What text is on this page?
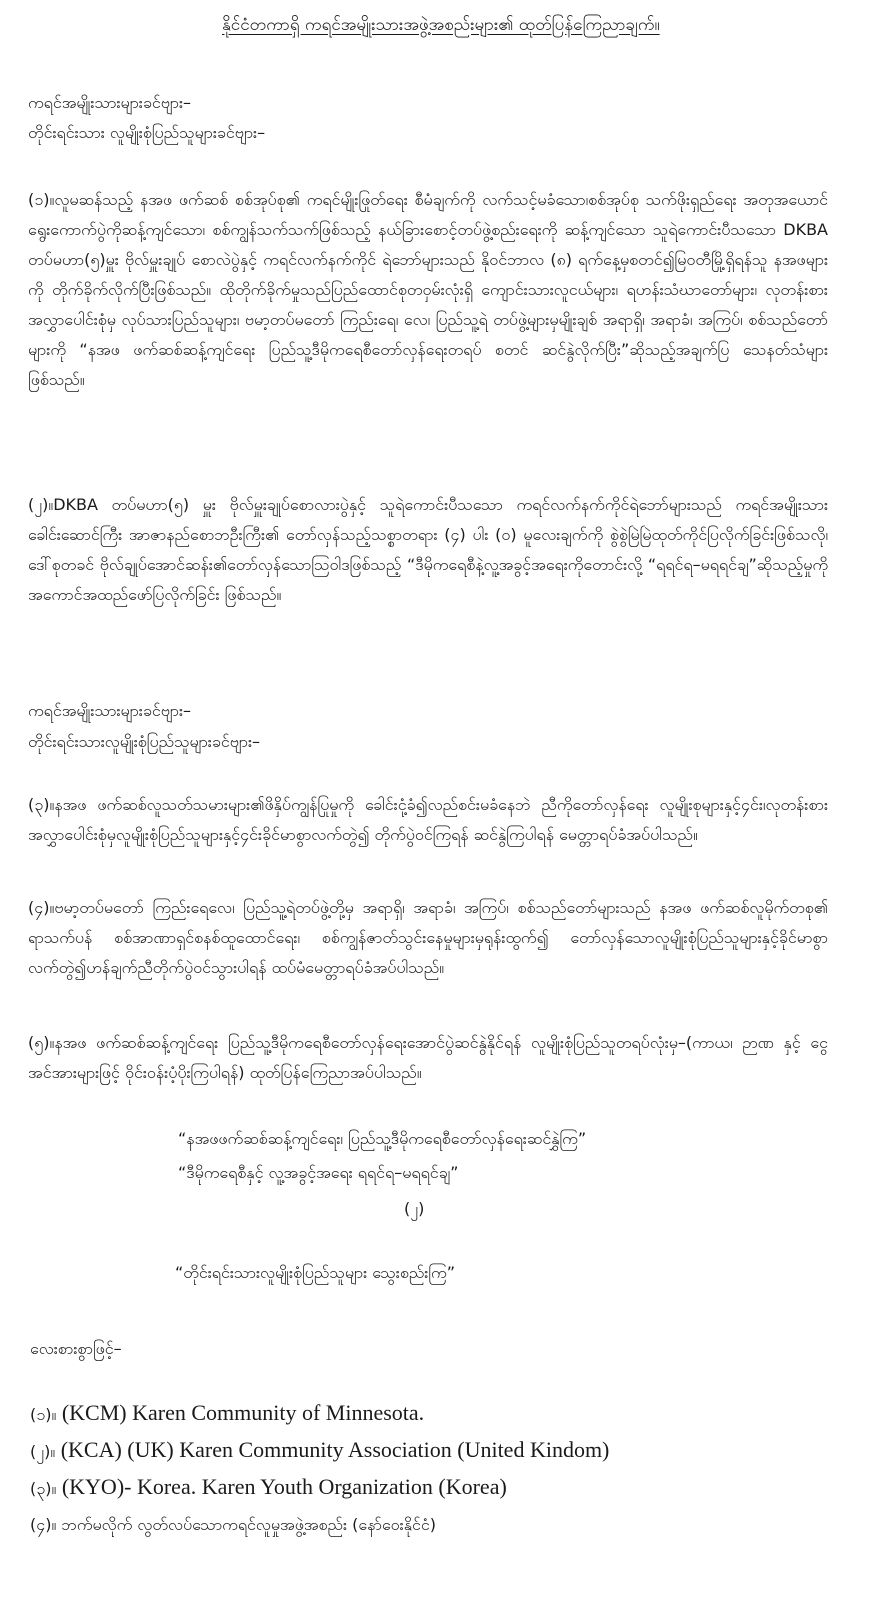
နိုင်ငံတကာရှိ ကရင်အမျိုးသားအဖွဲ့အစည်းများ၏ ထုတ်ပြန်ကြေညာချက်။
ကရင်အမျိုးသားများခင်ဗျား–
တိုင်းရင်းသား လူမျိုးစုံပြည်သူများခင်ဗျား–
(၁)။လူမဆန်သည့် နအဖ ဖက်ဆစ် စစ်အုပ်စု၏ ကရင်မျိုးဖြုတ်ရေး စီမံချက်ကို လက်သင့်မခံသော၊စစ်အုပ်စု သက်ဖိုးရှည်ရေး အတုအယောင်ရွေးကောက်ပွဲကိုဆန့်ကျင်သော၊ စစ်ကျွန်သက်သက်ဖြစ်သည့် နယ်ခြားစောင့်တပ်ဖွဲ့စည်းရေးကို ဆန့်ကျင်သော သူရဲကောင်းပီသသော DKBA တပ်မဟာ(၅)မှူး ဗိုလ်မှူးချုပ် စောလဲပွဲနှင့် ကရင်လက်နက်ကိုင် ရဲဘော်များသည် နိုဝင်ဘာလ (၈) ရက်နေ့မှစတင်၍မြဝတီမြို့ရှိရန်သူ နအဖများကို တိုက်ခိုက်လိုက်ပြီးဖြစ်သည်။ ထိုတိုက်ခိုက်မှုသည်ပြည်ထောင်စုတဝှမ်းလုံးရှိ ကျောင်းသားလူငယ်များ၊ ရဟန်းသံဃာတော်များ၊ လုတန်းစားအလွှာပေါင်းစုံမှ လုပ်သားပြည်သူများ၊ ဗမာ့တပ်မတော် ကြည်းရေ၊ လေ၊ ပြည်သူ့ရဲ တပ်ဖွဲ့များမှမျိုးချစ် အရာရှိ၊ အရာခံ၊ အကြပ်၊ စစ်သည်တော်များကို “နအဖ ဖက်ဆစ်ဆန့်ကျင်ရေး ပြည်သူ့ဒီမိုကရေစီတော်လှန်ရေးတရပ် စတင် ဆင်နွဲလိုက်ပြီး”ဆိုသည့်အချက်ပြ သေနတ်သံများ ဖြစ်သည်။
(၂)။DKBA တပ်မဟာ(၅) မှူး ဗိုလ်မှူးချုပ်စောလားပွဲနှင့် သူရဲကောင်းပီသသော ကရင်လက်နက်ကိုင်ရဲဘော်များသည် ကရင်အမျိုးသားခေါင်းဆောင်ကြီး အာဇာနည်စောဘဦးကြီး၏ တော်လှန်သည့်သစ္စာတရား (၄) ပါး (ဝ) မူလေးချက်ကို စွဲစွဲမြဲမြဲထုတ်ကိုင်ပြလိုက်ခြင်းဖြစ်သလို၊ ဒေါ်စုတခင် ဗိုလ်ချုပ်အောင်ဆန်း၏တော်လှန်သောသြဝါဒဖြစ်သည့် “ဒီမိုကရေစီနဲ့လူ့အခွင့်အရေးကိုတောင်းလို့ “ရရင်ရ–မရရင်ချ”ဆိုသည့်မှုကို အကောင်အထည်ဖော်ပြလိုက်ခြင်း ဖြစ်သည်။
ကရင်အမျိုးသားများခင်ဗျား–
တိုင်းရင်းသားလူမျိုးစုံပြည်သူများခင်ဗျား–
(၃)။နအဖ ဖက်ဆစ်လူသတ်သမားများ၏ဖိနှိပ်ကျွန်ပြုမှုကို ခေါင်းငုံ့ခံ၍လည်စင်းမခံနေဘဲ ညီကိုတော်လှန်ရေး လူမျိုးစုများနှင့်၄င်း၊လုတန်းစားအလွှာပေါင်းစုံမှလူမျိုးစုံပြည်သူများနှင့်၄င်းခိုင်မာစွာလက်တွဲ၍ တိုက်ပွဲဝင်ကြရန် ဆင်နွဲကြပါရန် မေတ္တာရပ်ခံအပ်ပါသည်။
(၄)။ဗမာ့တပ်မတော် ကြည်းရေလေ၊ ပြည်သူ့ရဲတပ်ဖွဲ့တို့မှ အရာရှိ၊ အရာခံ၊ အကြပ်၊ စစ်သည်တော်များသည် နအဖ ဖက်ဆစ်လူမိုက်တစု၏ ရာသက်ပန် စစ်အာဏာရှင်စနစ်ထူထောင်ရေး၊ စစ်ကျွန်ဇာတ်သွင်းနေမှုများမှရုန်းထွက်၍ တော်လှန်သောလူမျိုးစုံပြည်သူများနှင့်ခိုင်မာစွာလက်တွဲ၍ဟန်ချက်ညီတိုက်ပွဲဝင်သွားပါရန် ထပ်မံမေတ္တာရပ်ခံအပ်ပါသည်။
(၅)။နအဖ ဖက်ဆစ်ဆန့်ကျင်ရေး ပြည်သူ့ဒီမိုကရေစီတော်လှန်ရေးအောင်ပွဲဆင်နွဲနိုင်ရန် လူမျိုးစုံပြည်သူတရပ်လုံးမှ–(ကာယ၊ ဉာဏ နှင့် ငွေ အင်အားများဖြင့် ဝိုင်းဝန်းပံ့ပိုးကြပါရန်) ထုတ်ပြန်ကြေညာအပ်ပါသည်။
“နအဖဖက်ဆစ်ဆန့်ကျင်ရေး၊ ပြည်သူ့ဒီမိုကရေစီတော်လှန်ရေးဆင်နွှဲကြ”
“ဒီမိုကရေစီနှင့် လူ့အခွင့်အရေး ရရင်ရ–မရရင်ချ”
(၂)
“တိုင်းရင်းသားလူမျိုးစုံပြည်သူများ သွေးစည်းကြ”
လေးစားစွာဖြင့်–
(၁)။ (KCM) Karen Community of Minnesota.
(၂)။ (KCA) (UK) Karen Community Association (United Kindom)
(၃)။ (KYO)- Korea. Karen Youth Organization (Korea)
(၄)။ ဘက်မလိုက် လွတ်လပ်သောကရင်လူမှုအဖွဲ့အစည်း (နော်ဝေးနိုင်ငံ)
